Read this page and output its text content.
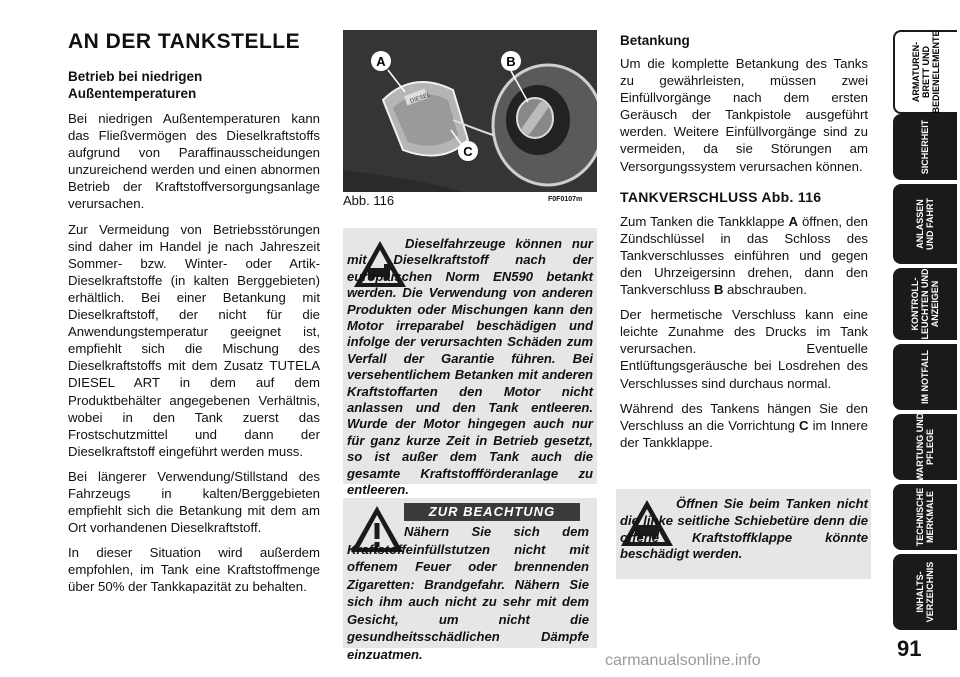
AN DER TANKSTELLE

Betrieb bei niedrigen Außentemperaturen

Bei niedrigen Außentemperaturen kann das Fließvermögen des Dieselkraftstoffs aufgrund von Paraffinausscheidungen unzureichend werden und einen abnormen Betrieb der Kraftstoffversorgungsanlage verursachen.

Zur Vermeidung von Betriebsstörungen sind daher im Handel je nach Jahreszeit Sommer- bzw. Winter- oder Artik-Dieselkraftstoffe (in kalten Berggebieten) erhältlich. Bei einer Betankung mit Dieselkraftstoff, der nicht für die Anwendungstemperatur geeignet ist, empfiehlt sich die Mischung des Dieselkraftstoffs mit dem Zusatz TUTELA DIESEL ART in dem auf dem Produktbehälter angegebenen Verhältnis, wobei in den Tank zuerst das Frostschutzmittel und dann der Dieselkraftstoff eingeführt werden muss.

Bei längerer Verwendung/Stillstand des Fahrzeugs in kalten/Berggebieten empfiehlt sich die Betankung mit dem am Ort vorhandenen Dieselkraftstoff.

In dieser Situation wird außerdem empfohlen, im Tank eine Kraftstoffmenge über 50% der Tankkapazität zu behalten.

DIESEL
A	B
C
Abb. 116	F0F0107m

Dieselfahrzeuge können nur mit Dieselkraftstoff nach der europäischen Norm EN590 betankt werden. Die Verwendung von anderen Produkten oder Mischungen kann den Motor irreparabel beschädigen und infolge der verursachten Schäden zum Verfall der Garantie führen. Bei versehentlichem Betanken mit anderen Kraftstoffarten den Motor nicht anlassen und den Tank entleeren. Wurde der Motor hingegen auch nur für ganz kurze Zeit in Betrieb gesetzt, so ist außer dem Tank auch die gesamte Kraftstoffförderanlage zu entleeren.

ZUR BEACHTUNG

Nähern Sie sich dem Kraftstoffeinfüllstutzen nicht mit offenem Feuer oder brennenden Zigaretten: Brandgefahr. Nähern Sie sich ihm auch nicht zu sehr mit dem Gesicht, um nicht die gesundheitsschädlichen Dämpfe einzuatmen.

Betankung

Um die komplette Betankung des Tanks zu gewährleisten, müssen zwei Einfüllvorgänge nach dem ersten Geräusch der Tankpistole ausgeführt werden. Weitere Einfüllvorgänge sind zu vermeiden, da sie Störungen am Versorgungssystem verursachen können.

TANKVERSCHLUSS Abb. 116

Zum Tanken die Tankklappe A öffnen, den Zündschlüssel in das Schloss des Tankverschlusses einführen und gegen den Uhrzeigersinn drehen, dann den Tankverschluss B abschrauben.

Der hermetische Verschluss kann eine leichte Zunahme des Drucks im Tank verursachen. Eventuelle Entlüftungsgeräusche bei Losdrehen des Verschlusses sind durchaus normal.

Während des Tankens hängen Sie den Verschluss an die Vorrichtung C im Innere der Tankklappe.

Öffnen Sie beim Tanken nicht die linke seitliche Schiebetüre denn die offene Kraftstoffklappe könnte beschädigt werden.

ARMATUREN-
BRETT UND
BEDIENELEMENTE
SICHERHEIT
ANLASSEN
UND FAHRT
KONTROLL-
LEUCHTEN UND
ANZEIGEN
IM NOTFALL
WARTUNG UND
PFLEGE
TECHNISCHE
MERKMALE
INHALTS-
VERZEICHNIS
91
carmanualsonline.info
